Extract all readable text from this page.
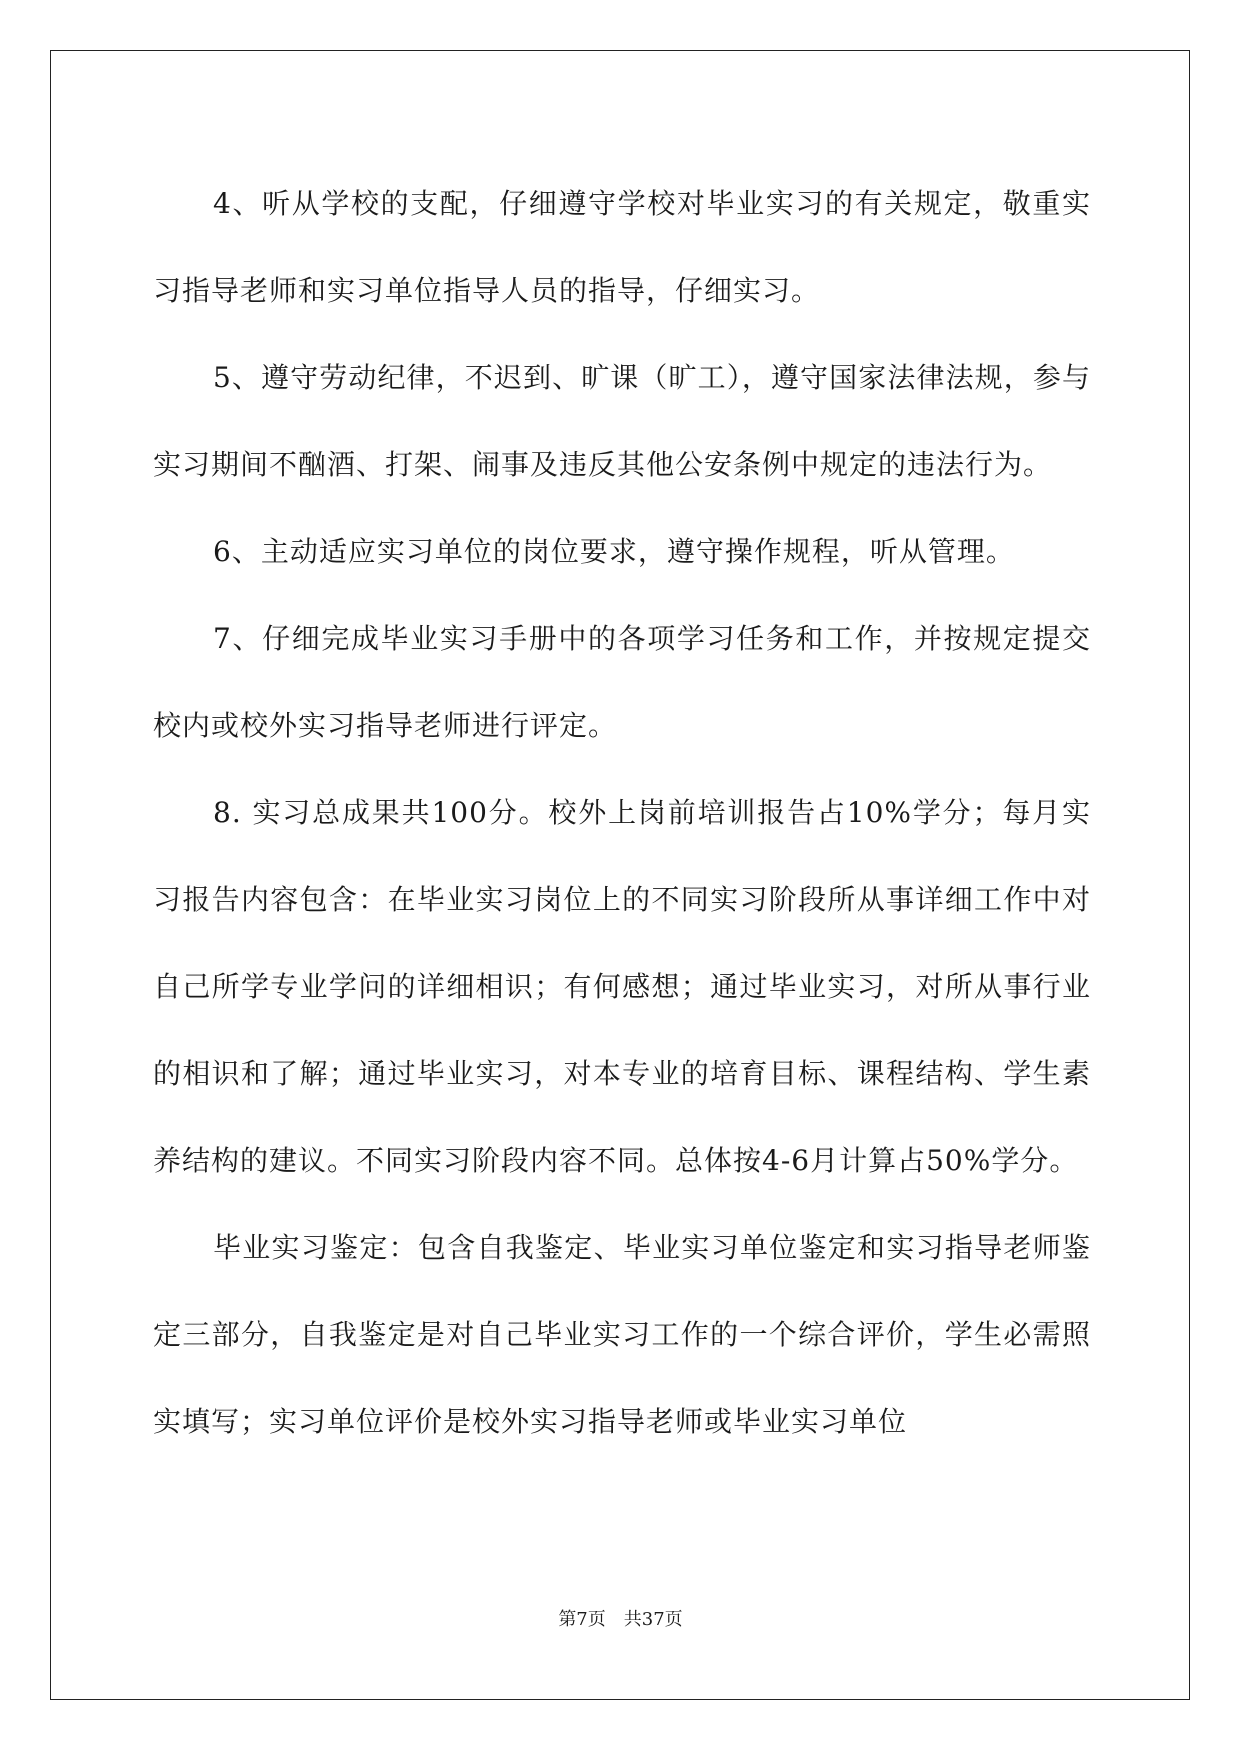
4、听从学校的支配，仔细遵守学校对毕业实习的有关规定，敬重实习指导老师和实习单位指导人员的指导，仔细实习。

5、遵守劳动纪律，不迟到、旷课（旷工），遵守国家法律法规，参与实习期间不酗酒、打架、闹事及违反其他公安条例中规定的违法行为。

6、主动适应实习单位的岗位要求，遵守操作规程，听从管理。

7、仔细完成毕业实习手册中的各项学习任务和工作，并按规定提交校内或校外实习指导老师进行评定。

8. 实习总成果共100分。校外上岗前培训报告占10%学分；每月实习报告内容包含：在毕业实习岗位上的不同实习阶段所从事详细工作中对自己所学专业学问的详细相识；有何感想；通过毕业实习，对所从事行业的相识和了解；通过毕业实习，对本专业的培育目标、课程结构、学生素养结构的建议。不同实习阶段内容不同。总体按4-6月计算占50%学分。

毕业实习鉴定：包含自我鉴定、毕业实习单位鉴定和实习指导老师鉴定三部分，自我鉴定是对自己毕业实习工作的一个综合评价，学生必需照实填写；实习单位评价是校外实习指导老师或毕业实习单位

第7页　共37页
